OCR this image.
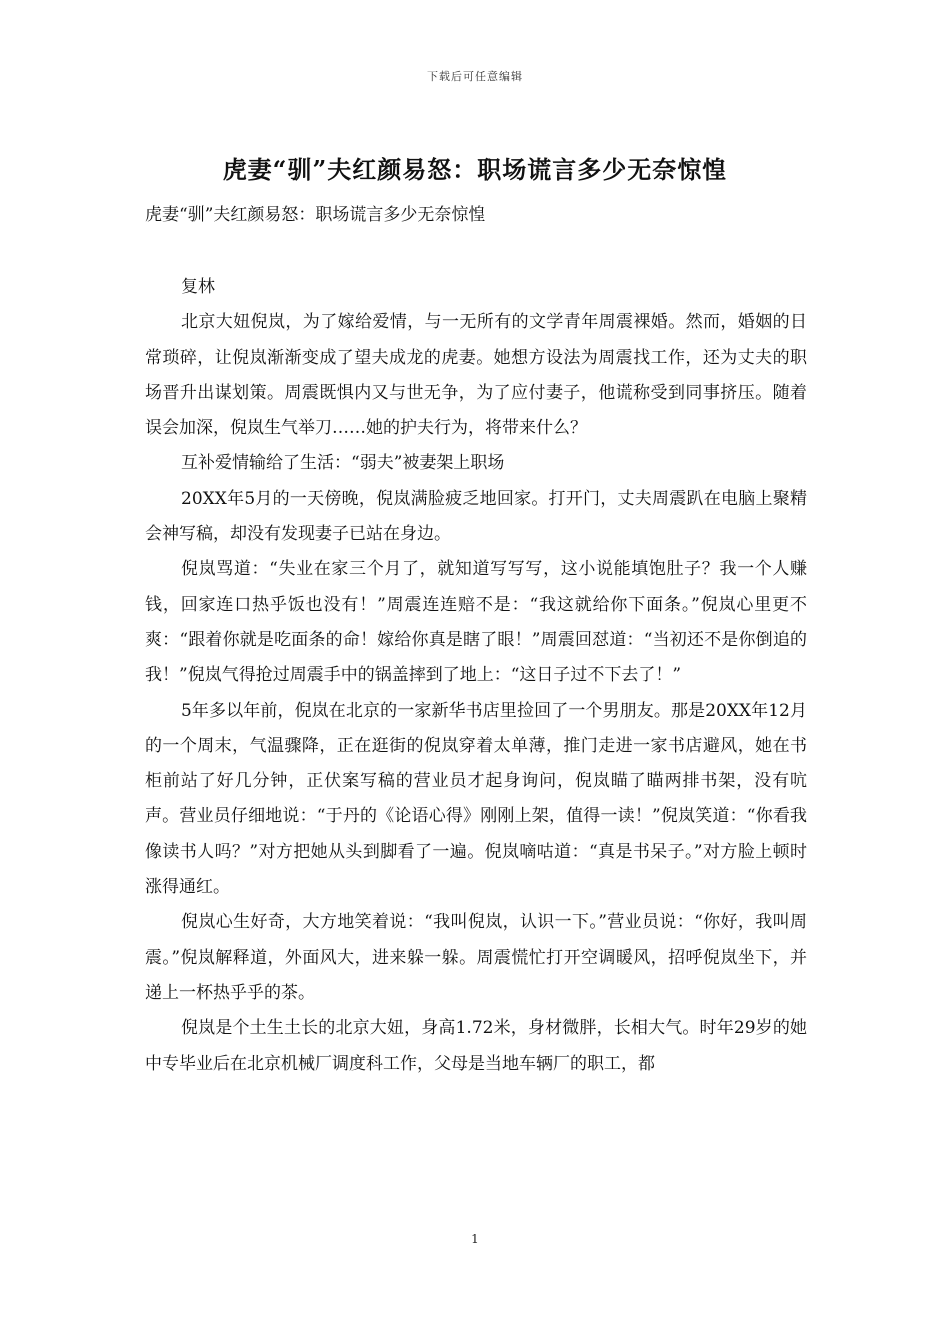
下载后可任意编辑
虎妻“驯”夫红颜易怒：职场谎言多少无奈惊惶

虎妻“驯”夫红颜易怒：职场谎言多少无奈惊惶

复林

北京大妞倪岚，为了嫁给爱情，与一无所有的文学青年周震裸婚。然而，婚姻的日常琐碎，让倪岚渐渐变成了望夫成龙的虎妻。她想方设法为周震找工作，还为丈夫的职场晋升出谋划策。周震既惧内又与世无争，为了应付妻子，他谎称受到同事挤压。随着误会加深，倪岚生气举刀……她的护夫行为，将带来什么？

互补爱情输给了生活：“弱夫”被妻架上职场

20XX年5月的一天傍晚，倪岚满脸疲乏地回家。打开门，丈夫周震趴在电脑上聚精会神写稿，却没有发现妻子已站在身边。

倪岚骂道：“失业在家三个月了，就知道写写写，这小说能填饱肚子？我一个人赚钱，回家连口热乎饭也没有！”周震连连赔不是：“我这就给你下面条。”倪岚心里更不爽：“跟着你就是吃面条的命！嫁给你真是瞎了眼！”周震回怼道：“当初还不是你倒追的我！”倪岚气得抢过周震手中的锅盖摔到了地上：“这日子过不下去了！”

5年多以年前，倪岚在北京的一家新华书店里捡回了一个男朋友。那是20XX年12月的一个周末，气温骤降，正在逛街的倪岚穿着太单薄，推门走进一家书店避风，她在书柜前站了好几分钟，正伏案写稿的营业员才起身询问，倪岚瞄了瞄两排书架，没有吭声。营业员仔细地说：“于丹的《论语心得》刚刚上架，值得一读！”倪岚笑道：“你看我像读书人吗？”对方把她从头到脚看了一遍。倪岚嘀咕道：“真是书呆子。”对方脸上顿时涨得通红。

倪岚心生好奇，大方地笑着说：“我叫倪岚，认识一下。”营业员说：“你好，我叫周震。”倪岚解释道，外面风大，进来躲一躲。周震慌忙打开空调暖风，招呼倪岚坐下，并递上一杯热乎乎的茶。

倪岚是个土生土长的北京大妞，身高1.72米，身材微胖，长相大气。时年29岁的她中专毕业后在北京机械厂调度科工作，父母是当地车辆厂的职工，都

1
